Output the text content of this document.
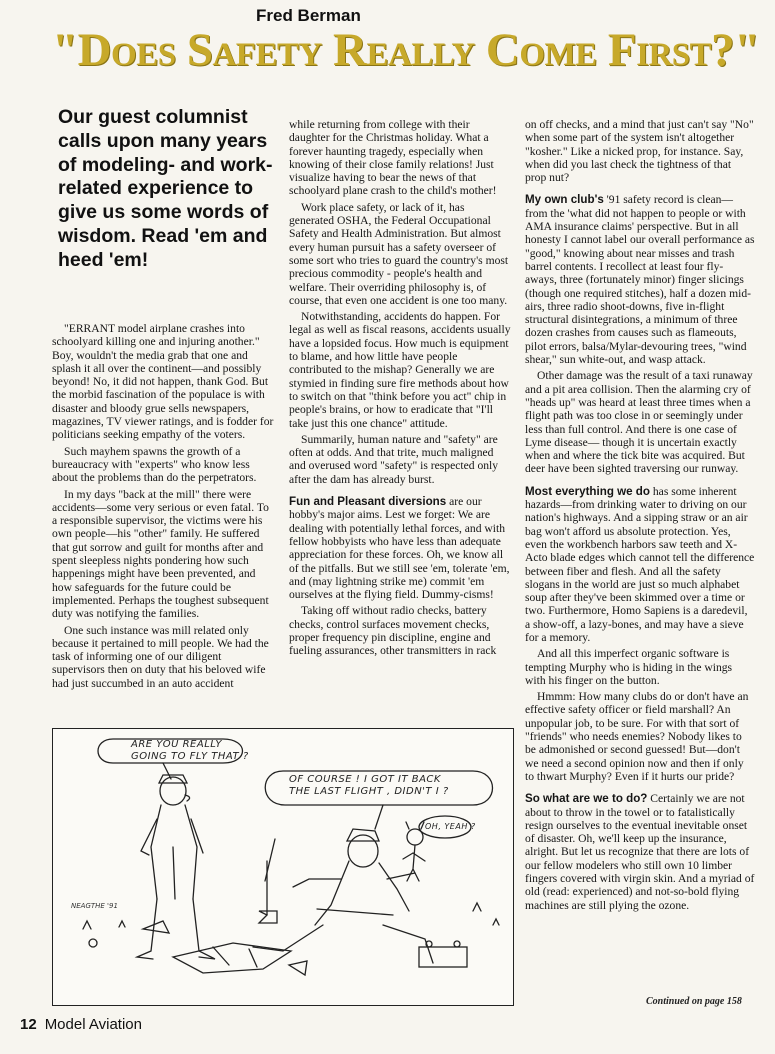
Fred Berman
"Does Safety Really Come First?"
Our guest columnist calls upon many years of modeling- and work-related experience to give us some words of wisdom. Read 'em and heed 'em!

"ERRANT model airplane crashes into schoolyard killing one and injuring another." Boy, wouldn't the media grab that one and splash it all over the continent—and possibly beyond! No, it did not happen, thank God. But the morbid fascination of the populace is with disaster and bloody grue sells newspapers, magazines, TV viewer ratings, and is fodder for politicians seeking empathy of the voters.

Such mayhem spawns the growth of a bureaucracy with "experts" who know less about the problems than do the perpetrators.

In my days "back at the mill" there were accidents—some very serious or even fatal. To a responsible supervisor, the victims were his own people—his "other" family. He suffered that gut sorrow and guilt for months after and spent sleepless nights pondering how such happenings might have been prevented, and how safeguards for the future could be implemented. Perhaps the toughest subsequent duty was notifying the families.

One such instance was mill related only because it pertained to mill people. We had the task of informing one of our diligent supervisors then on duty that his beloved wife had just succumbed in an auto accident

while returning from college with their daughter for the Christmas holiday. What a forever haunting tragedy, especially when knowing of their close family relations! Just visualize having to bear the news of that schoolyard plane crash to the child's mother!

Work place safety, or lack of it, has generated OSHA, the Federal Occupational Safety and Health Administration. But almost every human pursuit has a safety overseer of some sort who tries to guard the country's most precious commodity - people's health and welfare. Their overriding philosophy is, of course, that even one accident is one too many.

Notwithstanding, accidents do happen. For legal as well as fiscal reasons, accidents usually have a lopsided focus. How much is equipment to blame, and how little have people contributed to the mishap? Generally we are stymied in finding sure fire methods about how to switch on that "think before you act" chip in people's brains, or how to eradicate that "I'll take just this one chance" attitude.

Summarily, human nature and "safety" are often at odds. And that trite, much maligned and overused word "safety" is respected only after the dam has already burst.

Fun and Pleasant diversions are our hobby's major aims. Lest we forget: We are dealing with potentially lethal forces, and with fellow hobbyists who have less than adequate appreciation for these forces. Oh, we know all of the pitfalls. But we still see 'em, tolerate 'em, and (may lightning strike me) commit 'em ourselves at the flying field. Dummy-cisms!

Taking off without radio checks, battery checks, control surfaces movement checks, proper frequency pin discipline, engine and fueling assurances, other transmitters in rack

on off checks, and a mind that just can't say "No" when some part of the system isn't altogether "kosher." Like a nicked prop, for instance. Say, when did you last check the tightness of that prop nut?

My own club's '91 safety record is clean—from the 'what did not happen to people or with AMA insurance claims' perspective. But in all honesty I cannot label our overall performance as "good," knowing about near misses and trash barrel contents. I recollect at least four fly-aways, three (fortunately minor) finger slicings (though one required stitches), half a dozen mid-airs, three radio shoot-downs, five in-flight structural disintegrations, a minimum of three dozen crashes from causes such as flameouts, pilot errors, balsa/Mylar-devouring trees, "wind shear," sun white-out, and wasp attack.

Other damage was the result of a taxi runaway and a pit area collision. Then the alarming cry of "heads up" was heard at least three times when a flight path was too close in or seemingly under less than full control. And there is one case of Lyme disease— though it is uncertain exactly when and where the tick bite was acquired. But deer have been sighted traversing our runway.

Most everything we do has some inherent hazards—from drinking water to driving on our nation's highways. And a sipping straw or an air bag won't afford us absolute protection. Yes, even the workbench harbors saw teeth and X-Acto blade edges which cannot tell the difference between fiber and flesh. And all the safety slogans in the world are just so much alphabet soup after they've been skimmed over a time or two. Furthermore, Homo Sapiens is a daredevil, a show-off, a lazy-bones, and may have a sieve for a memory.

And all this imperfect organic software is tempting Murphy who is hiding in the wings with his finger on the button.

Hmmm: How many clubs do or don't have an effective safety officer or field marshall? An unpopular job, to be sure. For with that sort of "friends" who needs enemies? Nobody likes to be admonished or second guessed! But—don't we need a second opinion now and then if only to thwart Murphy? Even if it hurts our pride?

So what are we to do? Certainly we are not about to throw in the towel or to fatalistically resign ourselves to the eventual inevitable onset of disaster. Oh, we'll keep up the insurance, alright. But let us recognize that there are lots of our fellow modelers who still own 10 limber fingers covered with virgin skin. And a myriad of old (read: experienced) and not-so-bold flying machines are still plying the ozone.

ARE YOU REALLY
GOING TO FLY THAT ?
OF COURSE ! I GOT IT BACK
THE LAST FLIGHT , DIDN'T I ?
OH, YEAH ?
NEAGTHE '91
Continued on page 158
12 Model Aviation
